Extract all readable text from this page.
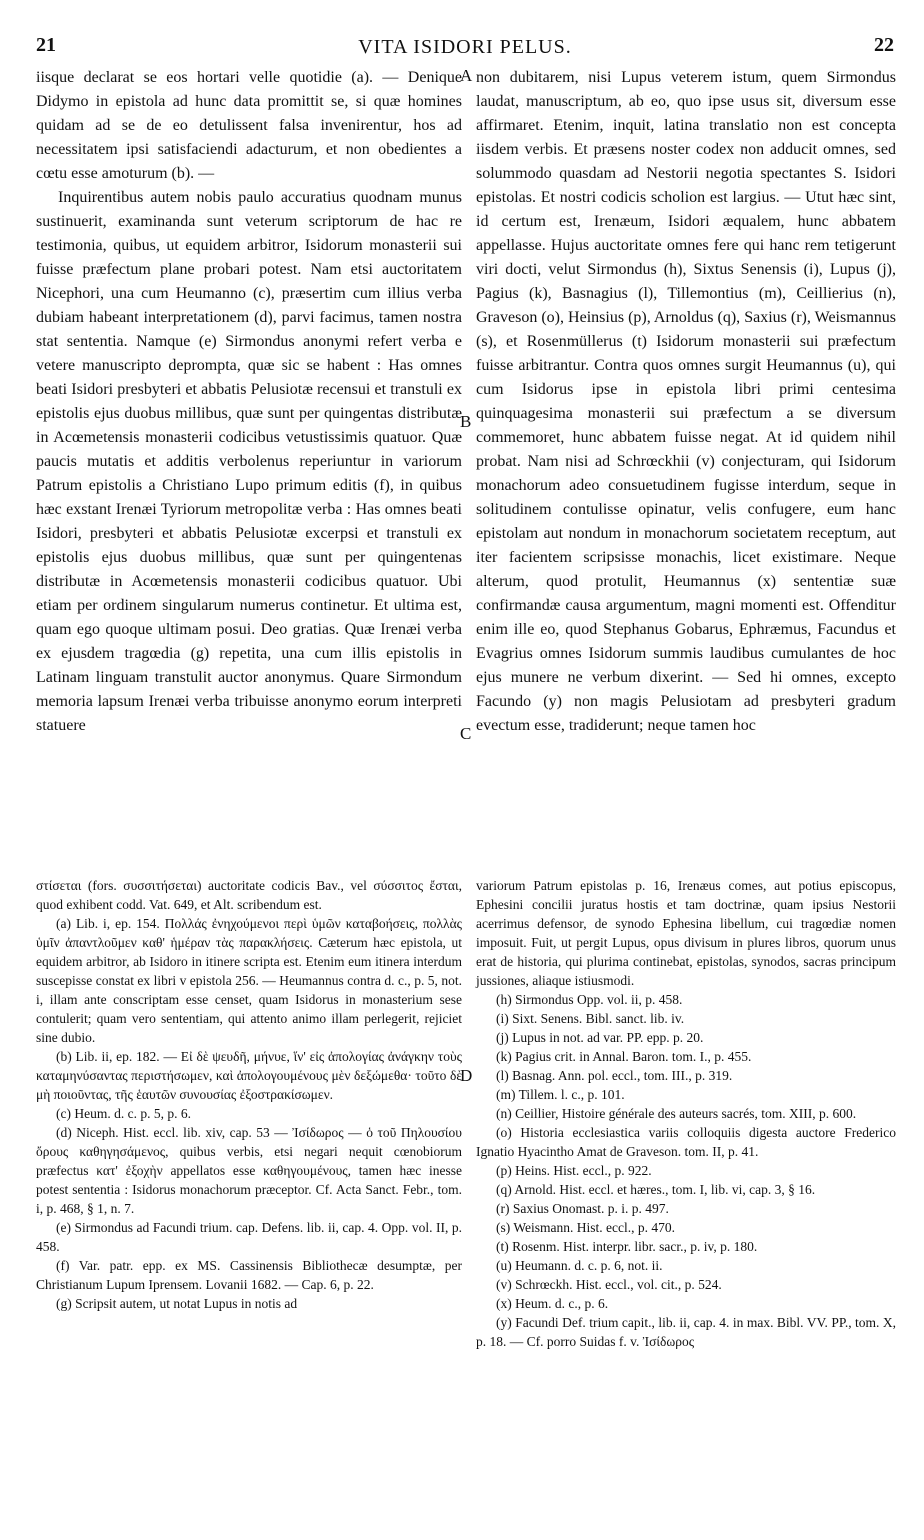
21	VITA ISIDORI PELUS.	22
A
B
C
D

iisque declarat se eos hortari velle quotidie (a). — Denique Didymo in epistola ad hunc data promittit se, si quæ homines quidam ad se de eo detulissent falsa invenirentur, hos ad necessitatem ipsi satisfaciendi adacturum, et non obedientes a cœtu esse amoturum (b). —

Inquirentibus autem nobis paulo accuratius quodnam munus sustinuerit, examinanda sunt veterum scriptorum de hac re testimonia, quibus, ut equidem arbitror, Isidorum monasterii sui fuisse præfectum plane probari potest. Nam etsi auctoritatem Nicephori, una cum Heumanno (c), præsertim cum illius verba dubiam habeant interpretationem (d), parvi facimus, tamen nostra stat sententia. Namque (e) Sirmondus anonymi refert verba e vetere manuscripto deprompta, quæ sic se habent : Has omnes beati Isidori presbyteri et abbatis Pelusiotæ recensui et transtuli ex epistolis ejus duobus millibus, quæ sunt per quingentas distributæ in Acœmetensis monasterii codicibus vetustissimis quatuor. Quæ paucis mutatis et additis verbolenus reperiuntur in variorum Patrum epistolis a Christiano Lupo primum editis (f), in quibus hæc exstant Irenæi Tyriorum metropolitæ verba : Has omnes beati Isidori, presbyteri et abbatis Pelusiotæ excerpsi et transtuli ex epistolis ejus duobus millibus, quæ sunt per quingentenas distributæ in Acœmetensis monasterii codicibus quatuor. Ubi etiam per ordinem singularum numerus continetur. Et ultima est, quam ego quoque ultimam posui. Deo gratias. Quæ Irenæi verba ex ejusdem tragœdia (g) repetita, una cum illis epistolis in Latinam linguam transtulit auctor anonymus. Quare Sirmondum memoria lapsum Irenæi verba tribuisse anonymo eorum interpreti statuere

non dubitarem, nisi Lupus veterem istum, quem Sirmondus laudat, manuscriptum, ab eo, quo ipse usus sit, diversum esse affirmaret. Etenim, inquit, latina translatio non est concepta iisdem verbis. Et præsens noster codex non adducit omnes, sed solummodo quasdam ad Nestorii negotia spectantes S. Isidori epistolas. Et nostri codicis scholion est largius. — Utut hæc sint, id certum est, Irenæum, Isidori æqualem, hunc abbatem appellasse. Hujus auctoritate omnes fere qui hanc rem tetigerunt viri docti, velut Sirmondus (h), Sixtus Senensis (i), Lupus (j), Pagius (k), Basnagius (l), Tillemontius (m), Ceillierius (n), Graveson (o), Heinsius (p), Arnoldus (q), Saxius (r), Weismannus (s), et Rosenmüllerus (t) Isidorum monasterii sui præfectum fuisse arbitrantur. Contra quos omnes surgit Heumannus (u), qui cum Isidorus ipse in epistola libri primi centesima quinquagesima monasterii sui præfectum a se diversum commemoret, hunc abbatem fuisse negat. At id quidem nihil probat. Nam nisi ad Schrœckhii (v) conjecturam, qui Isidorum monachorum adeo consuetudinem fugisse interdum, seque in solitudinem contulisse opinatur, velis confugere, eum hanc epistolam aut nondum in monachorum societatem receptum, aut iter facientem scripsisse monachis, licet existimare. Neque alterum, quod protulit, Heumannus (x) sententiæ suæ confirmandæ causa argumentum, magni momenti est. Offenditur enim ille eo, quod Stephanus Gobarus, Ephræmus, Facundus et Evagrius omnes Isidorum summis laudibus cumulantes de hoc ejus munere ne verbum dixerint. — Sed hi omnes, excepto Facundo (y) non magis Pelusiotam ad presbyteri gradum evectum esse, tradiderunt; neque tamen hoc

στίσεται (fors. συσσιτήσεται) auctoritate codicis Bav., vel σύσσιτος ἔσται, quod exhibent codd. Vat. 649, et Alt. scribendum est.

(a) Lib. i, ep. 154. Πολλάς ἐνηχούμενοι περὶ ὑμῶν καταβοήσεις, πολλὰς ὑμῖν ἀπαντλοῦμεν καθ' ἡμέραν τὰς παρακλήσεις. Cæterum hæc epistola, ut equidem arbitror, ab Isidoro in itinere scripta est. Etenim eum itinera interdum suscepisse constat ex libri v epistola 256. — Heumannus contra d. c., p. 5, not. i, illam ante conscriptam esse censet, quam Isidorus in monasterium sese contulerit; quam vero sententiam, qui attento animo illam perlegerit, rejiciet sine dubio.

(b) Lib. ii, ep. 182. — Εἰ δὲ ψευδῆ, μήνυε, ἵν' εἰς ἀπολογίας ἀνάγκην τοὺς καταμηνύσαντας περιστήσωμεν, καὶ ἀπολογουμένους μὲν δεξώμεθα· τοῦτο δὲ μὴ ποιοῦντας, τῆς ἑαυτῶν συνουσίας ἐξοστρακίσωμεν.

(c) Heum. d. c. p. 5, p. 6.

(d) Niceph. Hist. eccl. lib. xiv, cap. 53 — Ἰσίδωρος — ὁ τοῦ Πηλουσίου ὄρους καθηγησάμενος, quibus verbis, etsi negari nequit cœnobiorum præfectus κατ' ἐξοχὴν appellatos esse καθηγουμένους, tamen hæc inesse potest sententia : Isidorus monachorum præceptor. Cf. Acta Sanct. Febr., tom. i, p. 468, § 1, n. 7.

(e) Sirmondus ad Facundi trium. cap. Defens. lib. ii, cap. 4. Opp. vol. II, p. 458.

(f) Var. patr. epp. ex MS. Cassinensis Bibliothecæ desumptæ, per Christianum Lupum Iprensem. Lovanii 1682. — Cap. 6, p. 22.

(g) Scripsit autem, ut notat Lupus in notis ad

variorum Patrum epistolas p. 16, Irenæus comes, aut potius episcopus, Ephesini concilii juratus hostis et tam doctrinæ, quam ipsius Nestorii acerrimus defensor, de synodo Ephesina libellum, cui tragœdiæ nomen imposuit. Fuit, ut pergit Lupus, opus divisum in plures libros, quorum unus erat de historia, qui plurima continebat, epistolas, synodos, sacras principum jussiones, aliaque istiusmodi.

(h) Sirmondus Opp. vol. ii, p. 458.

(i) Sixt. Senens. Bibl. sanct. lib. iv.

(j) Lupus in not. ad var. PP. epp. p. 20.

(k) Pagius crit. in Annal. Baron. tom. I., p. 455.

(l) Basnag. Ann. pol. eccl., tom. III., p. 319.

(m) Tillem. l. c., p. 101.

(n) Ceillier, Histoire générale des auteurs sacrés, tom. XIII, p. 600.

(o) Historia ecclesiastica variis colloquiis digesta auctore Frederico Ignatio Hyacintho Amat de Graveson. tom. II, p. 41.

(p) Heins. Hist. eccl., p. 922.

(q) Arnold. Hist. eccl. et hæres., tom. I, lib. vi, cap. 3, § 16.

(r) Saxius Onomast. p. i. p. 497.

(s) Weismann. Hist. eccl., p. 470.

(t) Rosenm. Hist. interpr. libr. sacr., p. iv, p. 180.

(u) Heumann. d. c. p. 6, not. ii.

(v) Schrœckh. Hist. eccl., vol. cit., p. 524.

(x) Heum. d. c., p. 6.

(y) Facundi Def. trium capit., lib. ii, cap. 4. in max. Bibl. VV. PP., tom. X, p. 18. — Cf. porro Suidas f. v. Ἰσίδωρος
